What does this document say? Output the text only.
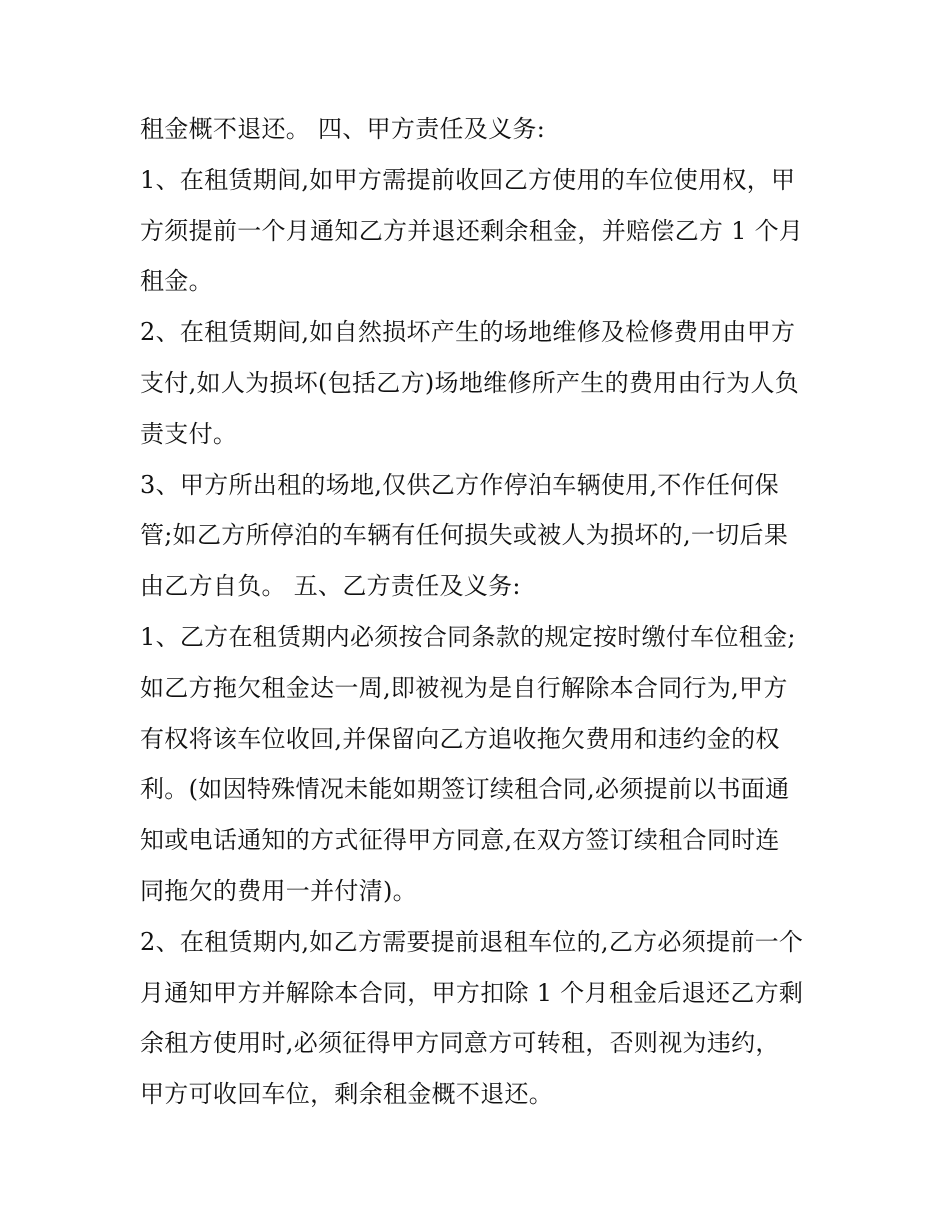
租金概不退还。 四、甲方责任及义务:
1、在租赁期间,如甲方需提前收回乙方使用的车位使用权，甲
方须提前一个月通知乙方并退还剩余租金，并赔偿乙方 1 个月
租金。
2、在租赁期间,如自然损坏产生的场地维修及检修费用由甲方
支付,如人为损坏(包括乙方)场地维修所产生的费用由行为人负
责支付。
3、甲方所出租的场地,仅供乙方作停泊车辆使用,不作任何保
管;如乙方所停泊的车辆有任何损失或被人为损坏的,一切后果
由乙方自负。 五、乙方责任及义务:
1、乙方在租赁期内必须按合同条款的规定按时缴付车位租金;
如乙方拖欠租金达一周,即被视为是自行解除本合同行为,甲方
有权将该车位收回,并保留向乙方追收拖欠费用和违约金的权
利。(如因特殊情况未能如期签订续租合同,必须提前以书面通
知或电话通知的方式征得甲方同意,在双方签订续租合同时连
同拖欠的费用一并付清)。
2、在租赁期内,如乙方需要提前退租车位的,乙方必须提前一个
月通知甲方并解除本合同，甲方扣除 1 个月租金后退还乙方剩
余租方使用时,必须征得甲方同意方可转租，否则视为违约，
甲方可收回车位，剩余租金概不退还。
